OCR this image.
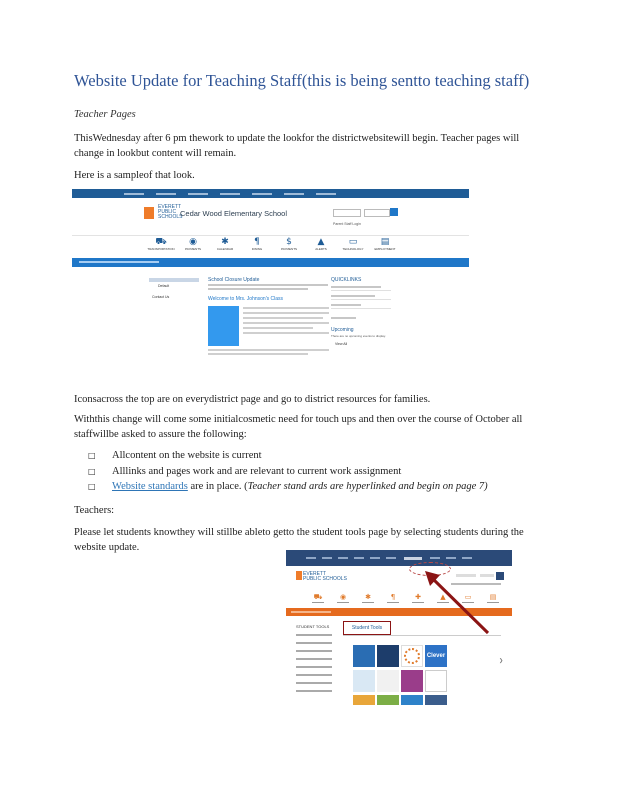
Website Update for Teaching Staff(this is being sentto teaching staff)
Teacher Pages
ThisWednesday after 6 pm thework to update the lookfor the districtwebsitewill begin. Teacher pages will change in lookbut content will remain.
Here is a sampleof that look.
EVERETT
PUBLIC
SCHOOLS
Cedar Wood Elementary School
Parent Staff Login
⛟
TRANSPORTATION
◉
PAYMENTS
✱
CALENDAR
¶
DINING
$
PAYMENTS
▲
ALERTS
▭
TECHNOLOGY
▤
EMPLOYMENT
Default
Contact Us
School Closure Update
Welcome to Mrs. Johnson's Class
QUICKLINKS
Upcoming
There are no upcoming events to display.
View All
Iconsacross the top are on everydistrict page and go to district resources for families.
Withthis change will come some initialcosmetic need for touch ups and then over the course of October all staffwillbe asked to assure the following:
□ Allcontent on the website is current
□ Alllinks and pages work and are relevant to current work assignment
□ Website standards are in place. (Teacher stand ards are hyperlinked and begin on page 7)
Teachers:
Please let students knowthey will stillbe ableto getto the student tools page by selecting students during the website update.
EVERETT
PUBLIC SCHOOLS
⛟	◉	✱	¶	✚	▲	▭	▤
STUDENT TOOLS	Student Tools
Clever
❯
